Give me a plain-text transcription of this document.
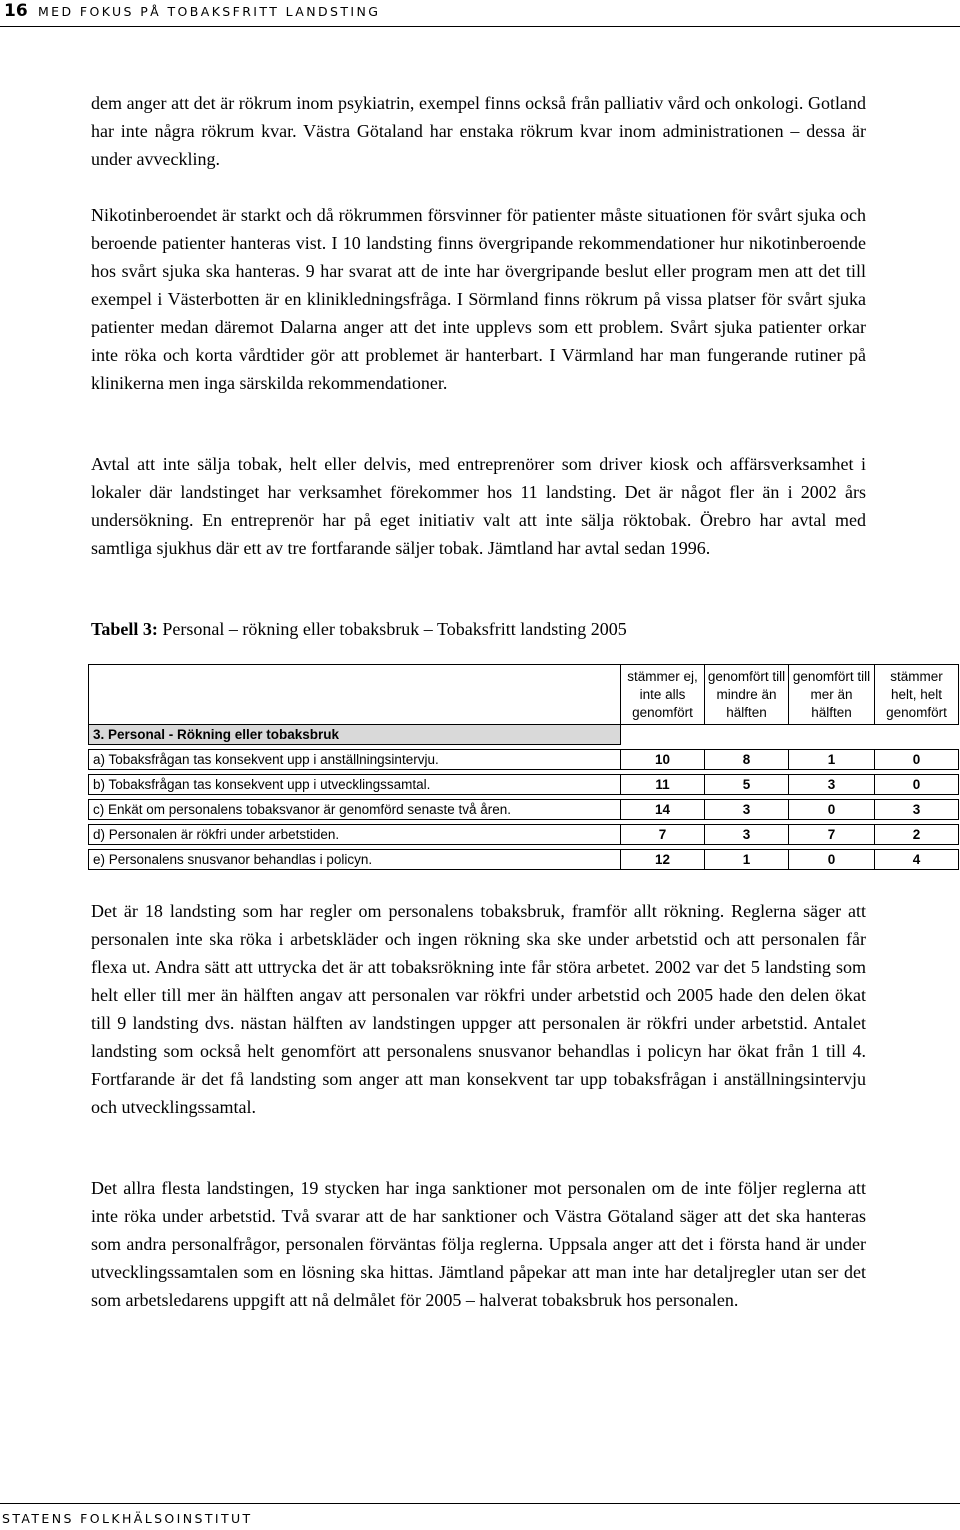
16 MED FOKUS PÅ TOBAKSFRITT LANDSTING

dem anger att det är rökrum inom psykiatrin, exempel finns också från palliativ vård och onkologi. Gotland har inte några rökrum kvar. Västra Götaland har enstaka rökrum kvar inom administrationen – dessa är under avveckling.

Nikotinberoendet är starkt och då rökrummen försvinner för patienter måste situationen för svårt sjuka och beroende patienter hanteras vist. I 10 landsting finns övergripande rekommendationer hur nikotinberoende hos svårt sjuka ska hanteras. 9 har svarat att de inte har övergripande beslut eller program men att det till exempel i Västerbotten är en klinikledningsfråga. I Sörmland finns rökrum på vissa platser för svårt sjuka patienter medan däremot Dalarna anger att det inte upplevs som ett problem. Svårt sjuka patienter orkar inte röka och korta vårdtider gör att problemet är hanterbart. I Värmland har man fungerande rutiner på klinikerna men inga särskilda rekommendationer.

Avtal att inte sälja tobak, helt eller delvis, med entreprenörer som driver kiosk och affärsverksamhet i lokaler där landstinget har verksamhet förekommer hos 11 landsting. Det är något fler än i 2002 års undersökning. En entreprenör har på eget initiativ valt att inte sälja röktobak. Örebro har avtal med samtliga sjukhus där ett av tre fortfarande säljer tobak. Jämtland har avtal sedan 1996.

Tabell 3: Personal – rökning eller tobaksbruk – Tobaksfritt landsting 2005

	stämmer ej, inte alls genomfört	genomfört till mindre än hälften	genomfört till mer än hälften	stämmer helt, helt genomfört
3. Personal - Rökning eller tobaksbruk				

a) Tobaksfrågan tas konsekvent upp i anställningsintervju.	10	8	1	0

b) Tobaksfrågan tas konsekvent upp i utvecklingssamtal.	11	5	3	0

c) Enkät om personalens tobaksvanor är genomförd senaste två åren.	14	3	0	3

d) Personalen är rökfri under arbetstiden.	7	3	7	2

e) Personalens snusvanor behandlas i policyn.	12	1	0	4

Det är 18 landsting som har regler om personalens tobaksbruk, framför allt rökning. Reglerna säger att personalen inte ska röka i arbetskläder och ingen rökning ska ske under arbetstid och att personalen får flexa ut. Andra sätt att uttrycka det är att tobaksrökning inte får störa arbetet. 2002 var det 5 landsting som helt eller till mer än hälften angav att personalen var rökfri under arbetstid och 2005 hade den delen ökat till 9 landsting dvs. nästan hälften av landstingen uppger att personalen är rökfri under arbetstid. Antalet landsting som också helt genomfört att personalens snusvanor behandlas i policyn har ökat från 1 till 4. Fortfarande är det få landsting som anger att man konsekvent tar upp tobaksfrågan i anställningsintervju och utvecklingssamtal.

Det allra flesta landstingen, 19 stycken har inga sanktioner mot personalen om de inte följer reglerna att inte röka under arbetstid. Två svarar att de har sanktioner och Västra Götaland säger att det ska hanteras som andra personalfrågor, personalen förväntas följa reglerna. Uppsala anger att det i första hand är under utvecklingssamtalen som en lösning ska hittas. Jämtland påpekar att man inte har detaljregler utan ser det som arbetsledarens uppgift att nå delmålet för 2005 – halverat tobaksbruk hos personalen.

STATENS FOLKHÄLSOINSTITUT
